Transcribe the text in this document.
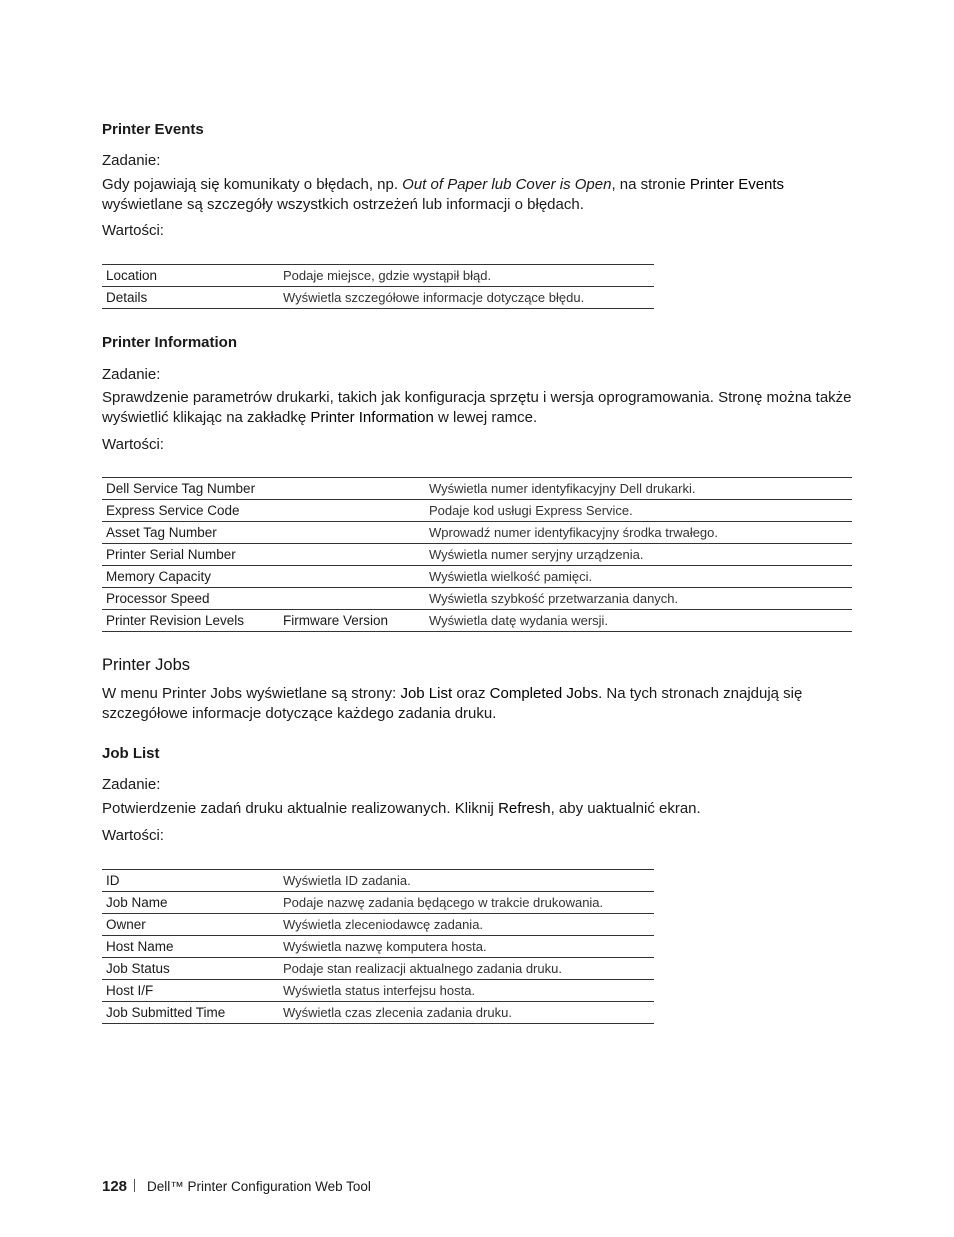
Printer Events

Zadanie:

Gdy pojawiają się komunikaty o błędach, np. Out of Paper lub Cover is Open, na stronie Printer Events wyświetlane są szczegóły wszystkich ostrzeżeń lub informacji o błędach.

Wartości:

Location	Podaje miejsce, gdzie wystąpił błąd.
Details	Wyświetla szczegółowe informacje dotyczące błędu.
Printer Information

Zadanie:

Sprawdzenie parametrów drukarki, takich jak konfiguracja sprzętu i wersja oprogramowania. Stronę można także wyświetlić klikając na zakładkę Printer Information w lewej ramce.

Wartości:

Dell Service Tag Number		Wyświetla numer identyfikacyjny Dell drukarki.
Express Service Code		Podaje kod usługi Express Service.
Asset Tag Number		Wprowadź numer identyfikacyjny środka trwałego.
Printer Serial Number		Wyświetla numer seryjny urządzenia.
Memory Capacity		Wyświetla wielkość pamięci.
Processor Speed		Wyświetla szybkość przetwarzania danych.
Printer Revision Levels	Firmware Version	Wyświetla datę wydania wersji.
Printer Jobs

W menu Printer Jobs wyświetlane są strony: Job List oraz Completed Jobs. Na tych stronach znajdują się szczegółowe informacje dotyczące każdego zadania druku.

Job List

Zadanie:

Potwierdzenie zadań druku aktualnie realizowanych. Kliknij Refresh, aby uaktualnić ekran.

Wartości:

ID	Wyświetla ID zadania.
Job Name	Podaje nazwę zadania będącego w trakcie drukowania.
Owner	Wyświetla zleceniodawcę zadania.
Host Name	Wyświetla nazwę komputera hosta.
Job Status	Podaje stan realizacji aktualnego zadania druku.
Host I/F	Wyświetla status interfejsu hosta.
Job Submitted Time	Wyświetla czas zlecenia zadania druku.
128 Dell™ Printer Configuration Web Tool
